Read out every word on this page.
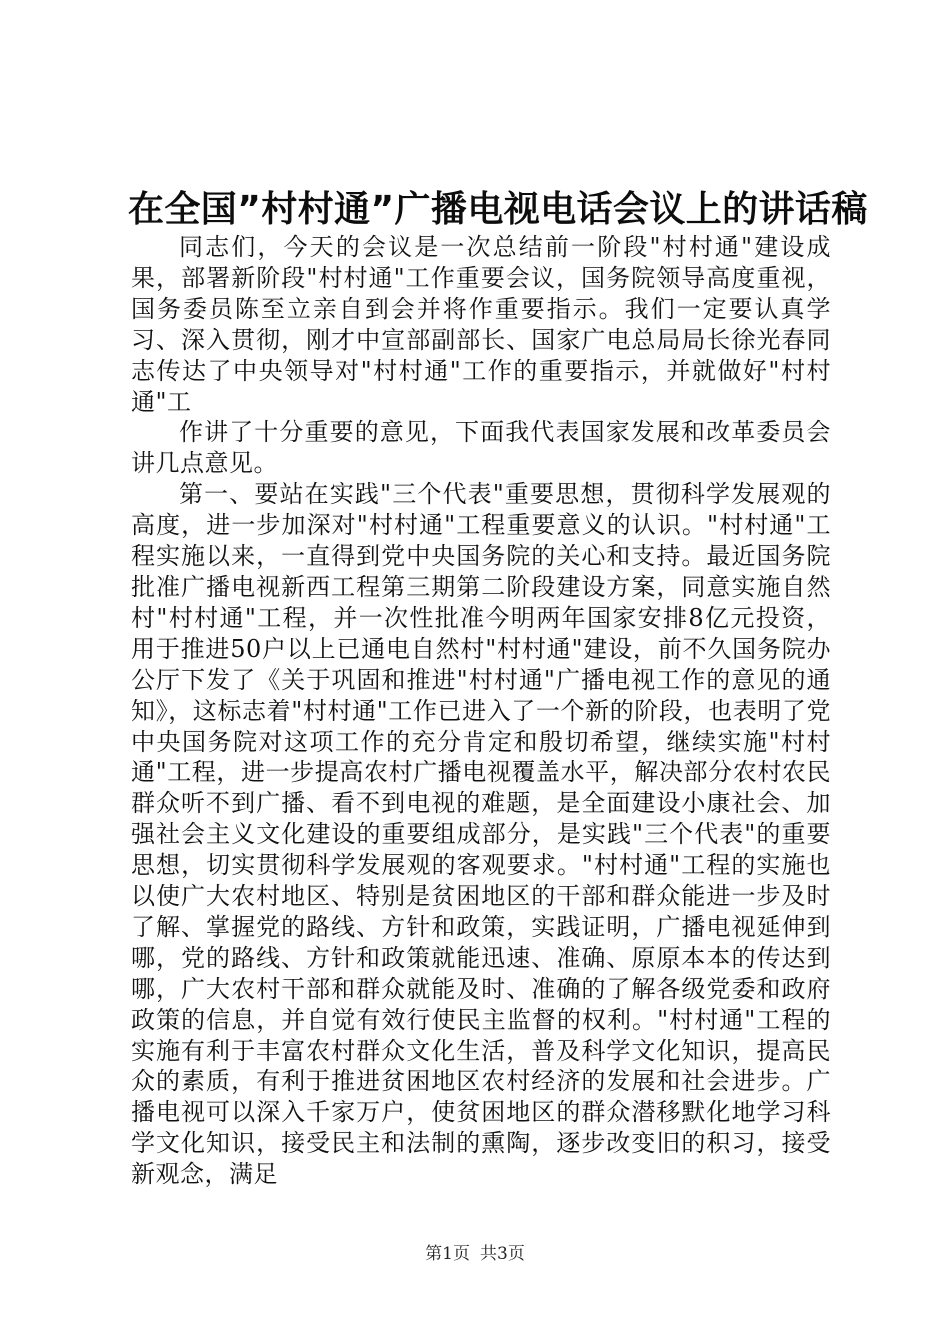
在全国”村村通”广播电视电话会议上的讲话稿

同志们，今天的会议是一次总结前一阶段"村村通"建设成果，部署新阶段"村村通"工作重要会议，国务院领导高度重视，国务委员陈至立亲自到会并将作重要指示。我们一定要认真学习、深入贯彻，刚才中宣部副部长、国家广电总局局长徐光春同志传达了中央领导对"村村通"工作的重要指示，并就做好"村村通"工

作讲了十分重要的意见，下面我代表国家发展和改革委员会讲几点意见。

第一、要站在实践"三个代表"重要思想，贯彻科学发展观的高度，进一步加深对"村村通"工程重要意义的认识。"村村通"工程实施以来，一直得到党中央国务院的关心和支持。最近国务院批准广播电视新西工程第三期第二阶段建设方案，同意实施自然村"村村通"工程，并一次性批准今明两年国家安排8亿元投资，用于推进50户以上已通电自然村"村村通"建设，前不久国务院办公厅下发了《关于巩固和推进"村村通"广播电视工作的意见的通知》，这标志着"村村通"工作已进入了一个新的阶段，也表明了党中央国务院对这项工作的充分肯定和殷切希望，继续实施"村村通"工程，进一步提高农村广播电视覆盖水平，解决部分农村农民群众听不到广播、看不到电视的难题，是全面建设小康社会、加强社会主义文化建设的重要组成部分，是实践"三个代表"的重要思想，切实贯彻科学发展观的客观要求。"村村通"工程的实施也以使广大农村地区、特别是贫困地区的干部和群众能进一步及时了解、掌握党的路线、方针和政策，实践证明，广播电视延伸到哪，党的路线、方针和政策就能迅速、准确、原原本本的传达到哪，广大农村干部和群众就能及时、准确的了解各级党委和政府政策的信息，并自觉有效行使民主监督的权利。"村村通"工程的实施有利于丰富农村群众文化生活，普及科学文化知识，提高民众的素质，有利于推进贫困地区农村经济的发展和社会进步。广播电视可以深入千家万户，使贫困地区的群众潜移默化地学习科学文化知识，接受民主和法制的熏陶，逐步改变旧的积习，接受新观念，满足

第1页 共3页
